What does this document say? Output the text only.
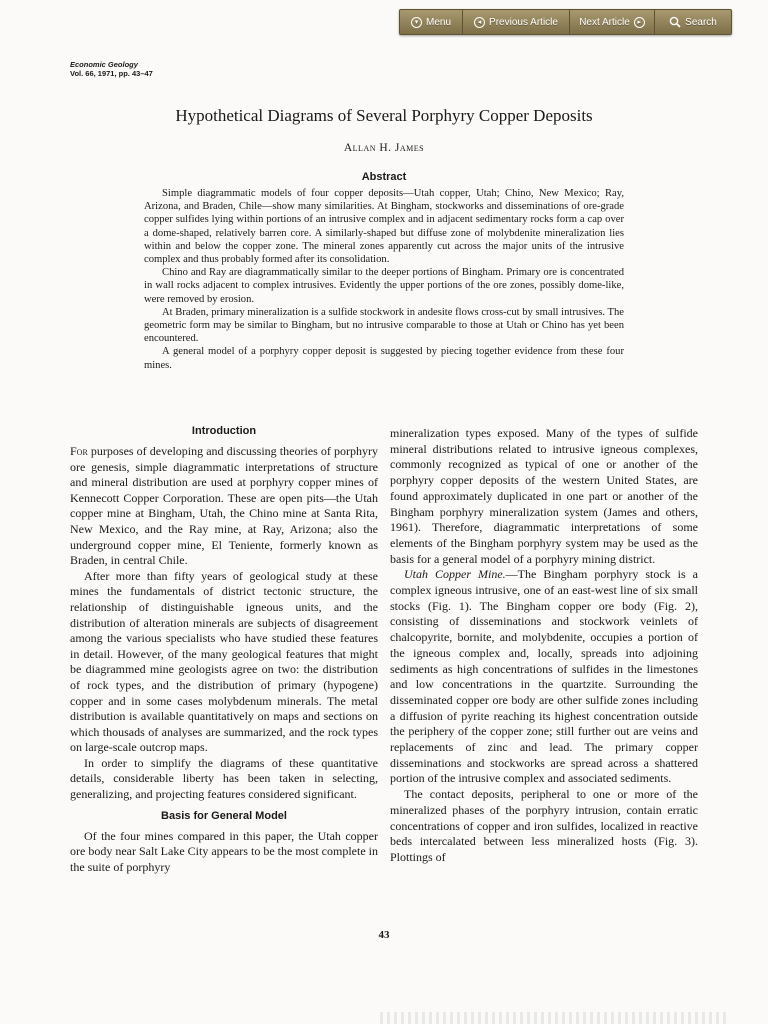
▾ Menu	◂ Previous Article Next Article	▸	Search
Economic Geology
Vol. 66, 1971, pp. 43–47
Hypothetical Diagrams of Several Porphyry Copper Deposits
Allan H. James
Abstract

Simple diagrammatic models of four copper deposits—Utah copper, Utah; Chino, New Mexico; Ray, Arizona, and Braden, Chile—show many similarities. At Bingham, stockworks and disseminations of ore-grade copper sulfides lying within portions of an intrusive complex and in adjacent sedimentary rocks form a cap over a dome-shaped, relatively barren core. A similarly-shaped but diffuse zone of molybdenite mineralization lies within and below the copper zone. The mineral zones apparently cut across the major units of the intrusive complex and thus probably formed after its consolidation.

Chino and Ray are diagrammatically similar to the deeper portions of Bingham. Primary ore is concentrated in wall rocks adjacent to complex intrusives. Evidently the upper portions of the ore zones, possibly dome-like, were removed by erosion.

At Braden, primary mineralization is a sulfide stockwork in andesite flows cross-cut by small intrusives. The geometric form may be similar to Bingham, but no intrusive comparable to those at Utah or Chino has yet been encountered.

A general model of a porphyry copper deposit is suggested by piecing together evidence from these four mines.

Introduction

For purposes of developing and discussing theories of porphyry ore genesis, simple diagrammatic interpretations of structure and mineral distribution are used at porphyry copper mines of Kennecott Copper Corporation. These are open pits—the Utah copper mine at Bingham, Utah, the Chino mine at Santa Rita, New Mexico, and the Ray mine, at Ray, Arizona; also the underground copper mine, El Teniente, formerly known as Braden, in central Chile.

After more than fifty years of geological study at these mines the fundamentals of district tectonic structure, the relationship of distinguishable igneous units, and the distribution of alteration minerals are subjects of disagreement among the various specialists who have studied these features in detail. However, of the many geological features that might be diagrammed mine geologists agree on two: the distribution of rock types, and the distribution of primary (hypogene) copper and in some cases molybdenum minerals. The metal distribution is available quantitatively on maps and sections on which thousads of analyses are summarized, and the rock types on large-scale outcrop maps.

In order to simplify the diagrams of these quantitative details, considerable liberty has been taken in selecting, generalizing, and projecting features considered significant.

Basis for General Model

Of the four mines compared in this paper, the Utah copper ore body near Salt Lake City appears to be the most complete in the suite of porphyry

mineralization types exposed. Many of the types of sulfide mineral distributions related to intrusive igneous complexes, commonly recognized as typical of one or another of the porphyry copper deposits of the western United States, are found approximately duplicated in one part or another of the Bingham porphyry mineralization system (James and others, 1961). Therefore, diagrammatic interpretations of some elements of the Bingham porphyry system may be used as the basis for a general model of a porphyry mining district.

Utah Copper Mine.—The Bingham porphyry stock is a complex igneous intrusive, one of an east-west line of six small stocks (Fig. 1). The Bingham copper ore body (Fig. 2), consisting of disseminations and stockwork veinlets of chalcopyrite, bornite, and molybdenite, occupies a portion of the igneous complex and, locally, spreads into adjoining sediments as high concentrations of sulfides in the limestones and low concentrations in the quartzite. Surrounding the disseminated copper ore body are other sulfide zones including a diffusion of pyrite reaching its highest concentration outside the periphery of the copper zone; still further out are veins and replacements of zinc and lead. The primary copper disseminations and stockworks are spread across a shattered portion of the intrusive complex and associated sediments.

The contact deposits, peripheral to one or more of the mineralized phases of the porphyry intrusion, contain erratic concentrations of copper and iron sulfides, localized in reactive beds intercalated between less mineralized hosts (Fig. 3). Plottings of

43
